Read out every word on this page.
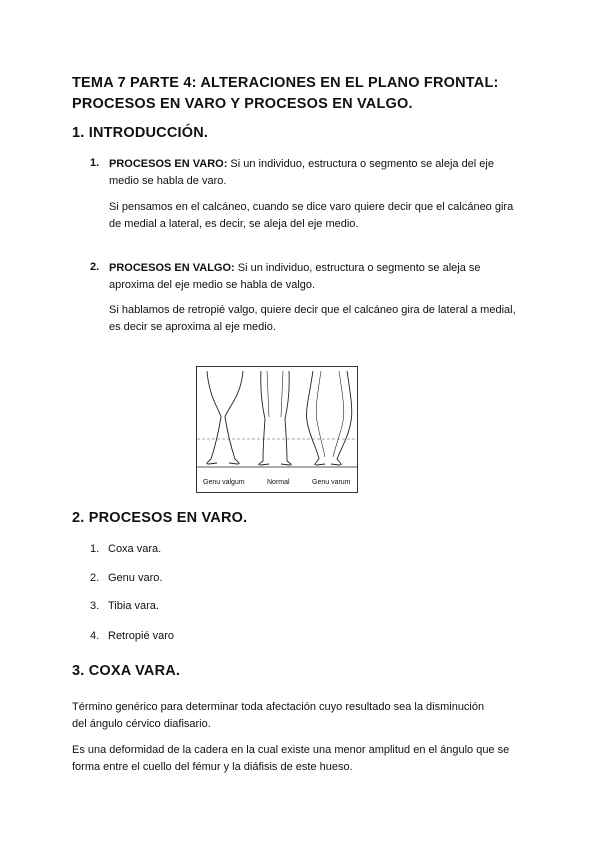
TEMA 7 PARTE 4: ALTERACIONES EN EL PLANO FRONTAL:
PROCESOS EN VARO Y PROCESOS EN VALGO.
1. INTRODUCCIÓN.
1. PROCESOS EN VARO: Si un individuo, estructura o segmento se aleja del eje
medio se habla de varo.
Si pensamos en el calcáneo, cuando se dice varo quiere decir que el calcáneo gira
de medial a lateral, es decir, se aleja del eje medio.
2. PROCESOS EN VALGO: Si un individuo, estructura o segmento se aleja se
aproxima del eje medio se habla de valgo.
Si hablamos de retropié valgo, quiere decir que el calcáneo gira de lateral a medial,
es decir se aproxima al eje medio.
Genu valgum	Normal	Genu varum
2. PROCESOS EN VARO.
1. Coxa vara.
2. Genu varo.
3. Tibia vara.
4. Retropié varo
3. COXA VARA.
Término genérico para determinar toda afectación cuyo resultado sea la disminución
del ángulo cérvico diafisario.
Es una deformidad de la cadera en la cual existe una menor amplitud en el ángulo que se
forma entre el cuello del fémur y la diáfisis de este hueso.
